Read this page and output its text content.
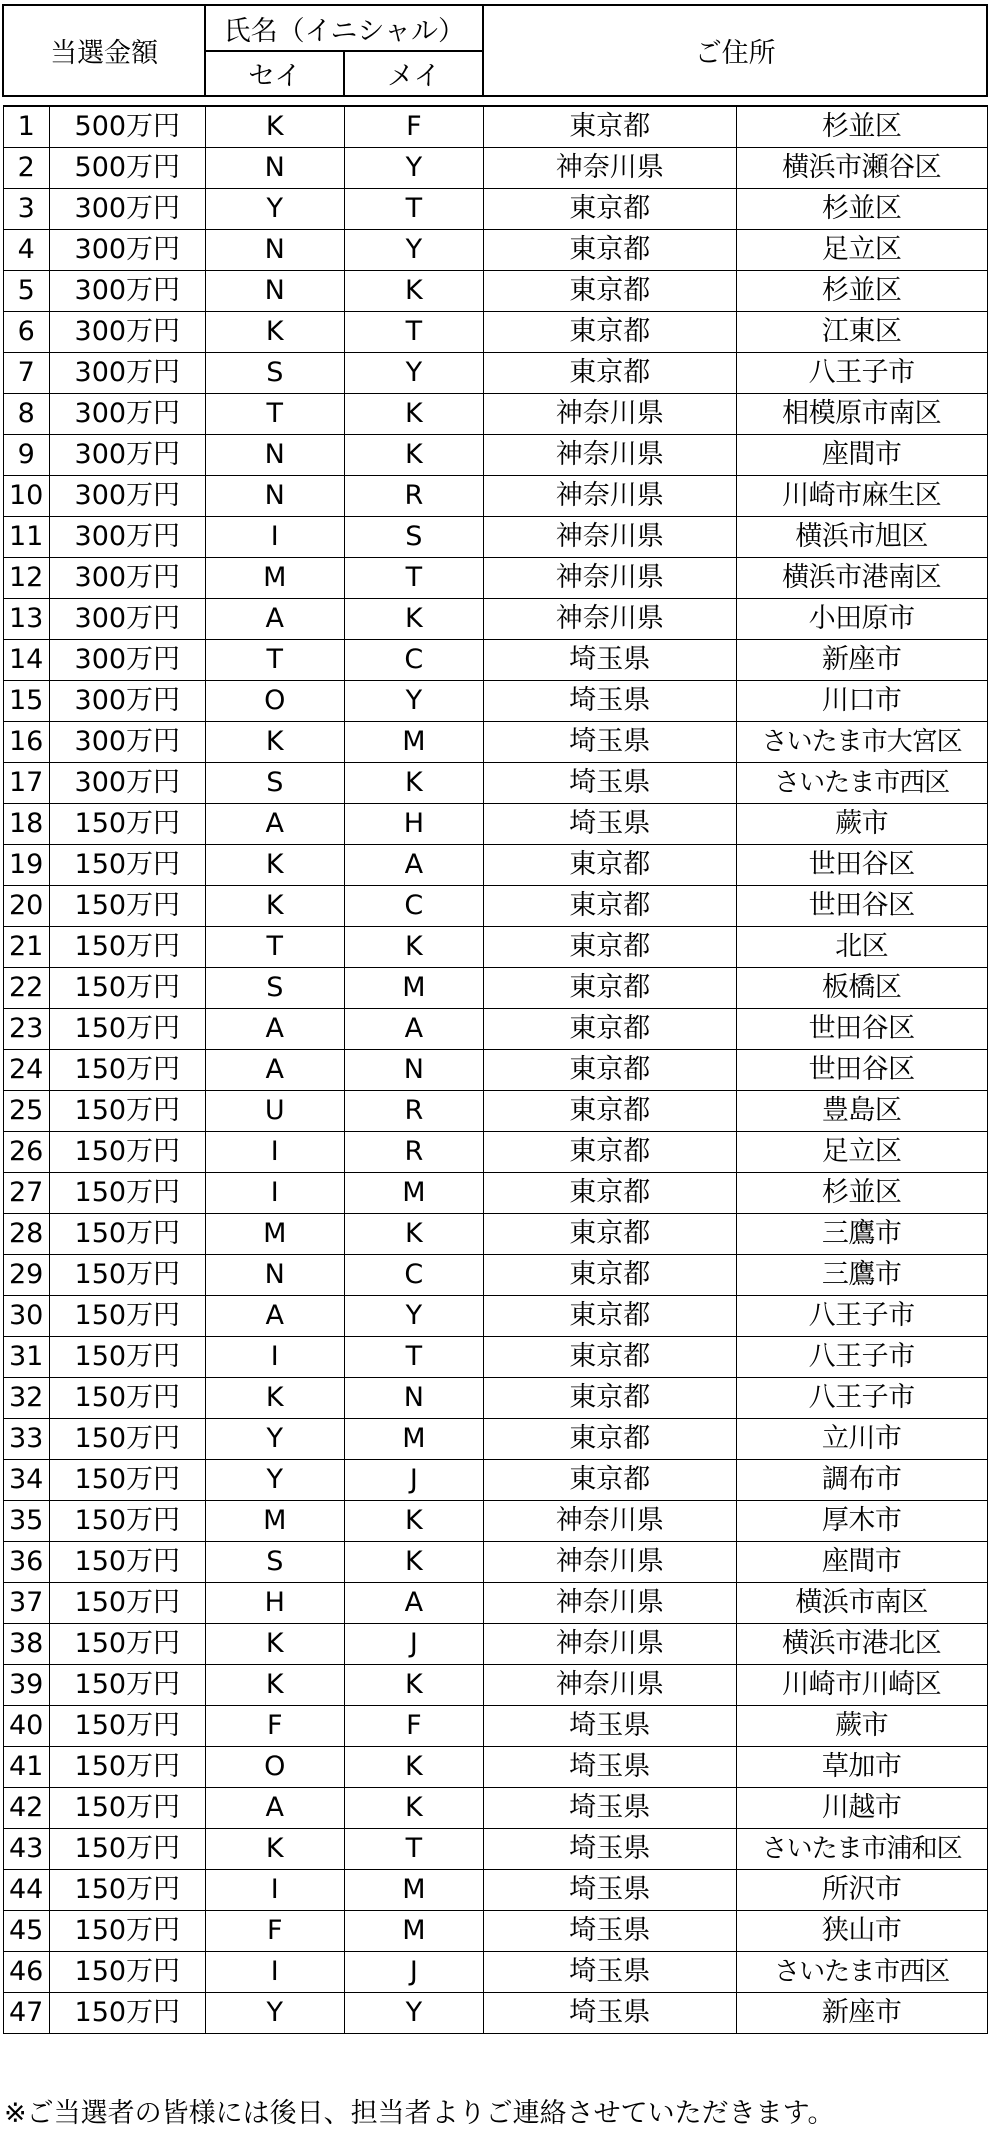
当選金額		氏名（イニシャル）		ご住所	
		セイ	メイ		

1	500万円	K	F	東京都	杉並区
2	500万円	N	Y	神奈川県	横浜市瀬谷区
3	300万円	Y	T	東京都	杉並区
4	300万円	N	Y	東京都	足立区
5	300万円	N	K	東京都	杉並区
6	300万円	K	T	東京都	江東区
7	300万円	S	Y	東京都	八王子市
8	300万円	T	K	神奈川県	相模原市南区
9	300万円	N	K	神奈川県	座間市
10	300万円	N	R	神奈川県	川崎市麻生区
11	300万円	I	S	神奈川県	横浜市旭区
12	300万円	M	T	神奈川県	横浜市港南区
13	300万円	A	K	神奈川県	小田原市
14	300万円	T	C	埼玉県	新座市
15	300万円	O	Y	埼玉県	川口市
16	300万円	K	M	埼玉県	さいたま市大宮区
17	300万円	S	K	埼玉県	さいたま市西区
18	150万円	A	H	埼玉県	蕨市
19	150万円	K	A	東京都	世田谷区
20	150万円	K	C	東京都	世田谷区
21	150万円	T	K	東京都	北区
22	150万円	S	M	東京都	板橋区
23	150万円	A	A	東京都	世田谷区
24	150万円	A	N	東京都	世田谷区
25	150万円	U	R	東京都	豊島区
26	150万円	I	R	東京都	足立区
27	150万円	I	M	東京都	杉並区
28	150万円	M	K	東京都	三鷹市
29	150万円	N	C	東京都	三鷹市
30	150万円	A	Y	東京都	八王子市
31	150万円	I	T	東京都	八王子市
32	150万円	K	N	東京都	八王子市
33	150万円	Y	M	東京都	立川市
34	150万円	Y	J	東京都	調布市
35	150万円	M	K	神奈川県	厚木市
36	150万円	S	K	神奈川県	座間市
37	150万円	H	A	神奈川県	横浜市南区
38	150万円	K	J	神奈川県	横浜市港北区
39	150万円	K	K	神奈川県	川崎市川崎区
40	150万円	F	F	埼玉県	蕨市
41	150万円	O	K	埼玉県	草加市
42	150万円	A	K	埼玉県	川越市
43	150万円	K	T	埼玉県	さいたま市浦和区
44	150万円	I	M	埼玉県	所沢市
45	150万円	F	M	埼玉県	狭山市
46	150万円	I	J	埼玉県	さいたま市西区
47	150万円	Y	Y	埼玉県	新座市
※ご当選者の皆様には後日、担当者よりご連絡させていただきます。
